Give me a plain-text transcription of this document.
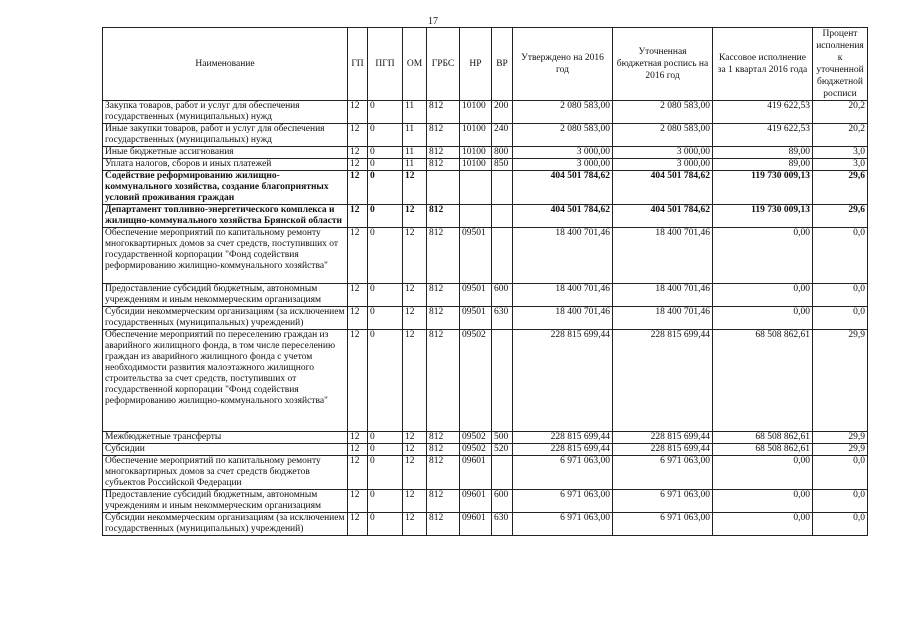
17
Наименование	ГП	ПГП	ОМ	ГРБС	НР	ВР	Утверждено на 2016 год	Уточненная бюджетная роспись на 2016 год	Кассовое исполнение за 1 квартал 2016 года	Процент исполнения к уточненной бюджетной росписи
Закупка товаров, работ и услуг для обеспечения государственных (муниципальных) нужд	12	0	11	812	10100	200	2 080 583,00	2 080 583,00	419 622,53	20,2
Иные закупки товаров, работ и услуг для обеспечения государственных (муниципальных) нужд	12	0	11	812	10100	240	2 080 583,00	2 080 583,00	419 622,53	20,2
Иные бюджетные ассигнования	12	0	11	812	10100	800	3 000,00	3 000,00	89,00	3,0
Уплата налогов, сборов и иных платежей	12	0	11	812	10100	850	3 000,00	3 000,00	89,00	3,0
Содействие реформированию жилищно-коммунального хозяйства, создание благоприятных условий проживания граждан	12	0	12				404 501 784,62	404 501 784,62	119 730 009,13	29,6
Департамент топливно-энергетического комплекса и жилищно-коммунального хозяйства Брянской области	12	0	12	812			404 501 784,62	404 501 784,62	119 730 009,13	29,6
Обеспечение мероприятий по капитальному ремонту многоквартирных домов за счет средств, поступивших от государственной корпорации "Фонд содействия реформированию жилищно-коммунального хозяйства"	12	0	12	812	09501		18 400 701,46	18 400 701,46	0,00	0,0
Предоставление субсидий бюджетным, автономным учреждениям и иным некоммерческим организациям	12	0	12	812	09501	600	18 400 701,46	18 400 701,46	0,00	0,0
Субсидии некоммерческим организациям (за исключением государственных (муниципальных) учреждений)	12	0	12	812	09501	630	18 400 701,46	18 400 701,46	0,00	0,0
Обеспечение мероприятий по переселению граждан из аварийного жилищного фонда, в том числе переселению граждан из аварийного жилищного фонда с учетом необходимости развития малоэтажного жилищного строительства за счет средств, поступивших от государственной корпорации "Фонд содействия реформированию жилищно-коммунального хозяйства"	12	0	12	812	09502		228 815 699,44	228 815 699,44	68 508 862,61	29,9
Межбюджетные трансферты	12	0	12	812	09502	500	228 815 699,44	228 815 699,44	68 508 862,61	29,9
Субсидии	12	0	12	812	09502	520	228 815 699,44	228 815 699,44	68 508 862,61	29,9
Обеспечение мероприятий по капитальному ремонту многоквартирных домов за счет средств бюджетов субъектов Российской Федерации	12	0	12	812	09601		6 971 063,00	6 971 063,00	0,00	0,0
Предоставление субсидий бюджетным, автономным учреждениям и иным некоммерческим организациям	12	0	12	812	09601	600	6 971 063,00	6 971 063,00	0,00	0,0
Субсидии некоммерческим организациям (за исключением государственных (муниципальных) учреждений)	12	0	12	812	09601	630	6 971 063,00	6 971 063,00	0,00	0,0
